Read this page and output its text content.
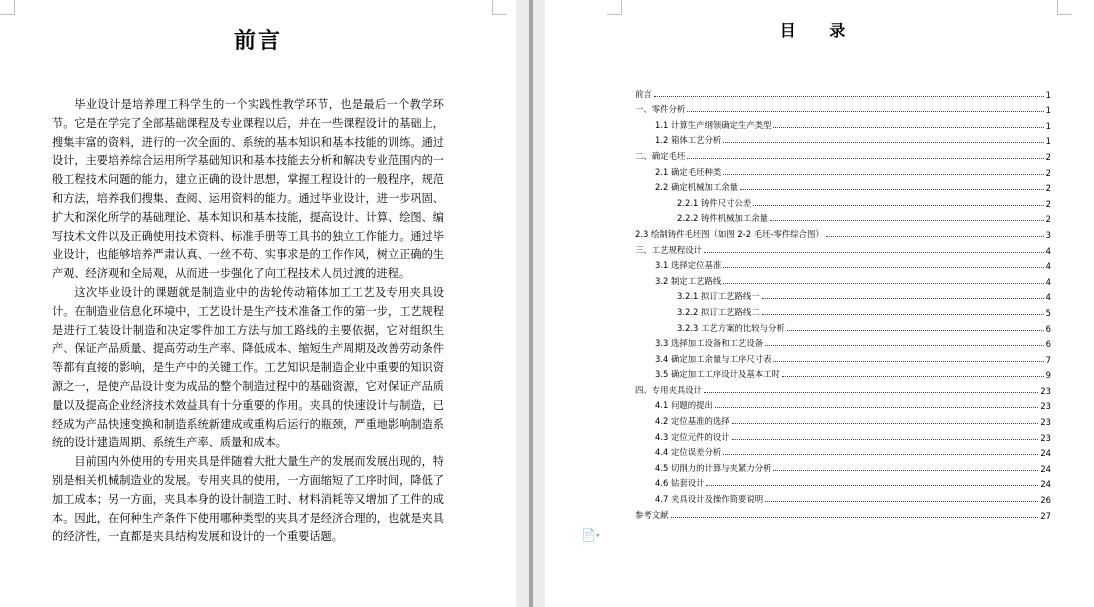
前言

毕业设计是培养理工科学生的一个实践性教学环节，也是最后一个教学环节。它是在学完了全部基础课程及专业课程以后，并在一些课程设计的基础上，搜集丰富的资料，进行的一次全面的、系统的基本知识和基本技能的训练。通过设计，主要培养综合运用所学基础知识和基本技能去分析和解决专业范围内的一般工程技术问题的能力，建立正确的设计思想，掌握工程设计的一般程序，规范和方法，培养我们搜集、查阅、运用资料的能力。通过毕业设计，进一步巩固、扩大和深化所学的基础理论、基本知识和基本技能，提高设计、计算、绘图、编写技术文件以及正确使用技术资料、标准手册等工具书的独立工作能力。通过毕业设计，也能够培养严肃认真、一丝不苟、实事求是的工作作风，树立正确的生产观、经济观和全局观，从而进一步强化了向工程技术人员过渡的进程。

这次毕业设计的课题就是制造业中的齿轮传动箱体加工工艺及专用夹具设计。在制造业信息化环境中，工艺设计是生产技术准备工作的第一步，工艺规程是进行工装设计制造和决定零件加工方法与加工路线的主要依据，它对组织生产、保证产品质量、提高劳动生产率、降低成本、缩短生产周期及改善劳动条件等都有直接的影响，是生产中的关键工作。工艺知识是制造企业中重要的知识资源之一，是使产品设计变为成品的整个制造过程中的基础资源，它对保证产品质量以及提高企业经济技术效益具有十分重要的作用。夹具的快速设计与制造，已经成为产品快速变换和制造系统新建成或重构后运行的瓶颈，严重地影响制造系统的设计建造周期、系统生产率、质量和成本。

目前国内外使用的专用夹具是伴随着大批大量生产的发展而发展出现的，特别是相关机械制造业的发展。专用夹具的使用，一方面缩短了工序时间，降低了加工成本；另一方面，夹具本身的设计制造工时、材料消耗等又增加了工件的成本。因此，在何种生产条件下使用哪种类型的夹具才是经济合理的，也就是夹具的经济性，一直都是夹具结构发展和设计的一个重要话题。

目 录
前言	1
一、零件分析	1
1.1 计算生产纲领确定生产类型	1
1.2 箱体工艺分析	1
二、确定毛坯	2
2.1 确定毛坯种类	2
2.2 确定机械加工余量	2
2.2.1 铸件尺寸公差	2
2.2.2 铸件机械加工余量	2
2.3 绘制铸件毛坯图（如图 2-2 毛坯-零件综合图）	3
三、工艺规程设计	4
3.1 选择定位基准	4
3.2 制定工艺路线	4
3.2.1 拟订工艺路线一	4
3.2.2 拟订工艺路线二	5
3.2.3 工艺方案的比较与分析	6
3.3 选择加工设备和工艺设备	6
3.4 确定加工余量与工序尺寸表	7
3.5 确定加工工序设计及基本工时	9
四、专用夹具设计	23
4.1 问题的提出	23
4.2 定位基准的选择	23
4.3 定位元件的设计	23
4.4 定位误差分析	24
4.5 切削力的计算与夹紧力分析	24
4.6 钻套设计	24
4.7 夹具设计及操作简要说明	26
参考文献	27
📄▾
